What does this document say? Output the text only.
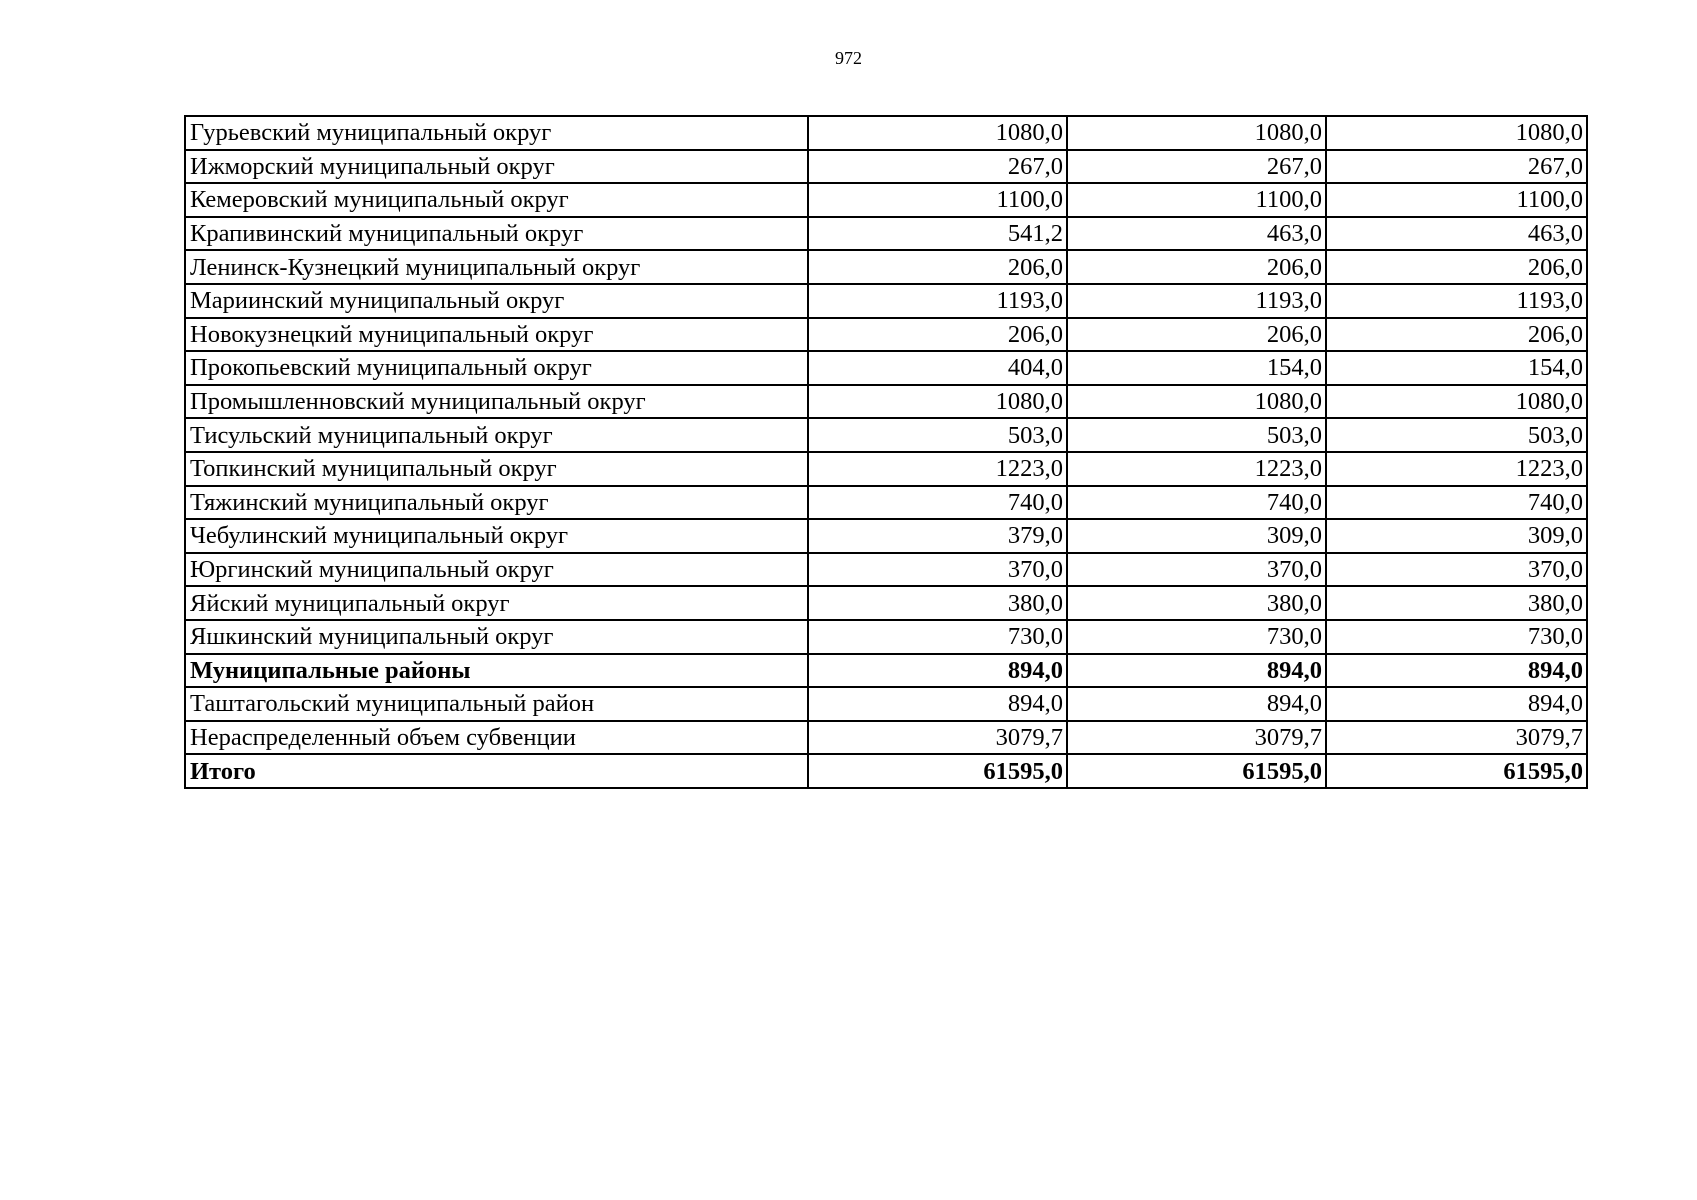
972
Гурьевский муниципальный округ	1080,0	1080,0	1080,0
Ижморский муниципальный округ	267,0	267,0	267,0
Кемеровский муниципальный округ	1100,0	1100,0	1100,0
Крапивинский муниципальный округ	541,2	463,0	463,0
Ленинск-Кузнецкий муниципальный округ	206,0	206,0	206,0
Мариинский муниципальный округ	1193,0	1193,0	1193,0
Новокузнецкий муниципальный округ	206,0	206,0	206,0
Прокопьевский муниципальный округ	404,0	154,0	154,0
Промышленновский муниципальный округ	1080,0	1080,0	1080,0
Тисульский муниципальный округ	503,0	503,0	503,0
Топкинский муниципальный округ	1223,0	1223,0	1223,0
Тяжинский муниципальный округ	740,0	740,0	740,0
Чебулинский муниципальный округ	379,0	309,0	309,0
Юргинский муниципальный округ	370,0	370,0	370,0
Яйский муниципальный округ	380,0	380,0	380,0
Яшкинский муниципальный округ	730,0	730,0	730,0
Муниципальные районы	894,0	894,0	894,0
Таштагольский муниципальный район	894,0	894,0	894,0
Нераспределенный объем субвенции	3079,7	3079,7	3079,7
Итого	61595,0	61595,0	61595,0
